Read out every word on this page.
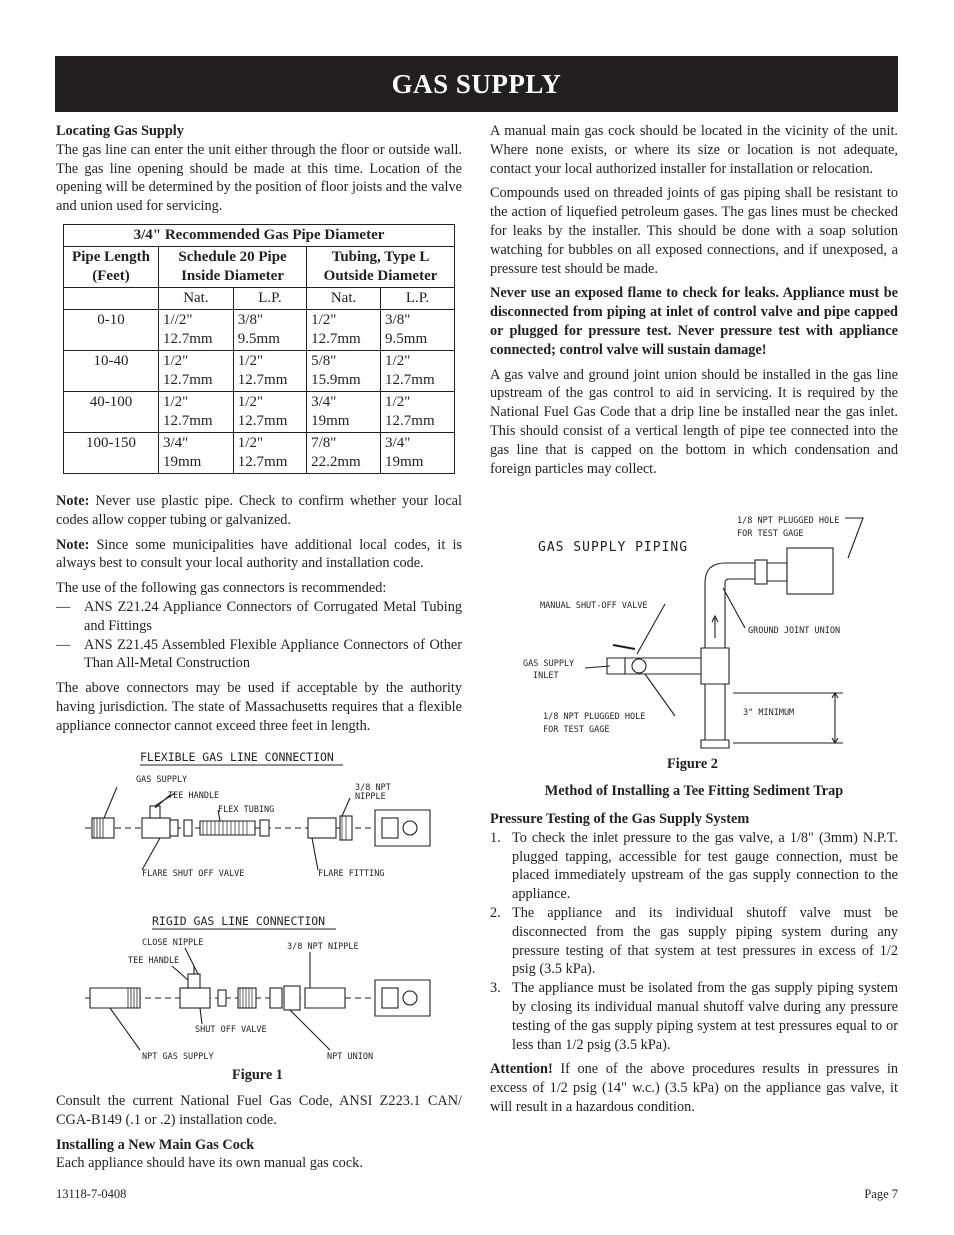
GAS SUPPLY
Locating Gas Supply

The gas line can enter the unit either through the floor or outside wall. The gas line opening should be made at this time. Location of the opening will be determined by the position of floor joists and the valve and union used for servicing.

3/4" Recommended Gas Pipe Diameter				
Pipe Length (Feet)	Schedule 20 Pipe Inside Diameter		Tubing, Type L Outside Diameter	
	Nat.	L.P.	Nat.	L.P.
0-10	1//2" 12.7mm	3/8" 9.5mm	1/2" 12.7mm	3/8" 9.5mm
10-40	1/2" 12.7mm	1/2" 12.7mm	5/8" 15.9mm	1/2" 12.7mm
40-100	1/2" 12.7mm	1/2" 12.7mm	3/4" 19mm	1/2" 12.7mm
100-150	3/4" 19mm	1/2" 12.7mm	7/8" 22.2mm	3/4" 19mm

Note: Never use plastic pipe. Check to confirm whether your local codes allow copper tubing or galvanized.

Note: Since some municipalities have additional local codes, it is always best to consult your local authority and installation code.

The use of the following gas connectors is recommended:
— ANS Z21.24 Appliance Connectors of Corrugated Metal Tubing and Fittings
— ANS Z21.45 Assembled Flexible Appliance Connectors of Other Than All-Metal Construction

The above connectors may be used if acceptable by the authority having jurisdiction. The state of Massachusetts requires that a flexible appliance connector cannot exceed three feet in length.

FLEXIBLE GAS LINE CONNECTION
GAS SUPPLY
TEE HANDLE
FLEX TUBING
3/8 NPT
NIPPLE
FLARE SHUT OFF VALVE	FLARE FITTING
RIGID GAS LINE CONNECTION
CLOSE NIPPLE
TEE HANDLE
3/8 NPT NIPPLE
SHUT OFF VALVE
NPT GAS SUPPLY	NPT UNION
Figure 1

Consult the current National Fuel Gas Code, ANSI Z223.1 CAN/ CGA-B149 (.1 or .2) installation code.

Installing a New Main Gas Cock
Each appliance should have its own manual gas cock.

A manual main gas cock should be located in the vicinity of the unit. Where none exists, or where its size or location is not adequate, contact your local authorized installer for installation or relocation.

Compounds used on threaded joints of gas piping shall be resistant to the action of liquefied petroleum gases. The gas lines must be checked for leaks by the installer. This should be done with a soap solution watching for bubbles on all exposed connections, and if unexposed, a pressure test should be made.

Never use an exposed flame to check for leaks. Appliance must be disconnected from piping at inlet of control valve and pipe capped or plugged for pressure test. Never pressure test with appliance connected; control valve will sustain damage!

A gas valve and ground joint union should be installed in the gas line upstream of the gas control to aid in servicing. It is required by the National Fuel Gas Code that a drip line be installed near the gas inlet. This should consist of a vertical length of pipe tee connected into the gas line that is capped on the bottom in which condensation and foreign particles may collect.

GAS SUPPLY PIPING
1/8 NPT PLUGGED HOLE
FOR TEST GAGE
MANUAL SHUT-OFF VALVE
GROUND JOINT UNION
GAS SUPPLY
INLET
1/8 NPT PLUGGED HOLE
FOR TEST GAGE
3" MINIMUM
Figure 2
Method of Installing a Tee Fitting Sediment Trap
Pressure Testing of the Gas Supply System
1. To check the inlet pressure to the gas valve, a 1/8" (3mm) N.P.T. plugged tapping, accessible for test gauge connection, must be placed immediately upstream of the gas supply connection to the appliance.
2. The appliance and its individual shutoff valve must be disconnected from the gas supply piping system during any pressure testing of that system at test pressures in excess of 1/2 psig (3.5 kPa).
3. The appliance must be isolated from the gas supply piping system by closing its individual manual shutoff valve during any pressure testing of the gas supply piping system at test pressures equal to or less than 1/2 psig (3.5 kPa).

Attention! If one of the above procedures results in pressures in excess of 1/2 psig (14" w.c.) (3.5 kPa) on the appliance gas valve, it will result in a hazardous condition.

13118-7-0408	Page 7
